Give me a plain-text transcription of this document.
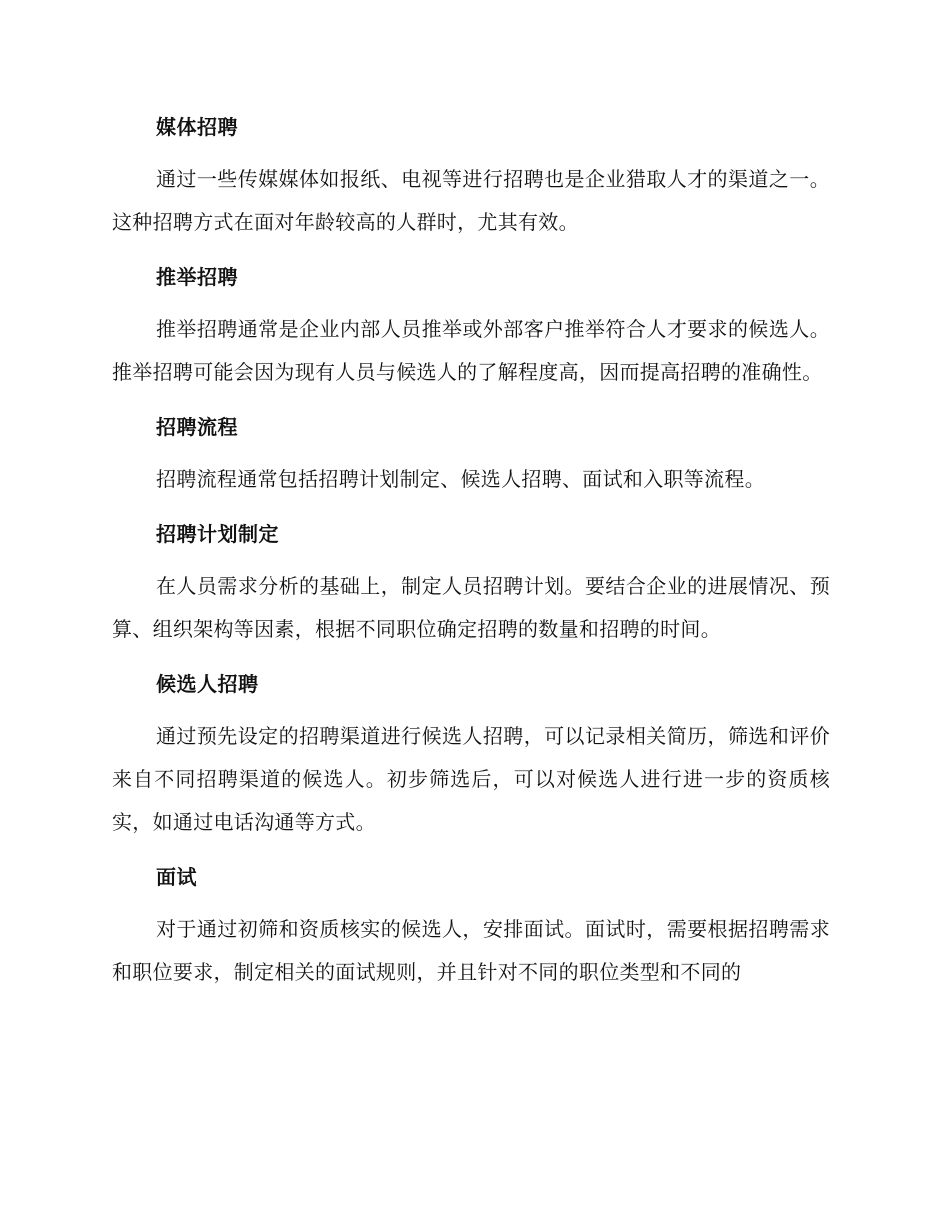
媒体招聘

通过一些传媒媒体如报纸、电视等进行招聘也是企业猎取人才的渠道之一。这种招聘方式在面对年龄较高的人群时，尤其有效。

推举招聘

推举招聘通常是企业内部人员推举或外部客户推举符合人才要求的候选人。推举招聘可能会因为现有人员与候选人的了解程度高，因而提高招聘的准确性。

招聘流程

招聘流程通常包括招聘计划制定、候选人招聘、面试和入职等流程。

招聘计划制定

在人员需求分析的基础上，制定人员招聘计划。要结合企业的进展情况、预算、组织架构等因素，根据不同职位确定招聘的数量和招聘的时间。

候选人招聘

通过预先设定的招聘渠道进行候选人招聘，可以记录相关简历，筛选和评价来自不同招聘渠道的候选人。初步筛选后，可以对候选人进行进一步的资质核实，如通过电话沟通等方式。

面试

对于通过初筛和资质核实的候选人，安排面试。面试时，需要根据招聘需求和职位要求，制定相关的面试规则，并且针对不同的职位类型和不同的
